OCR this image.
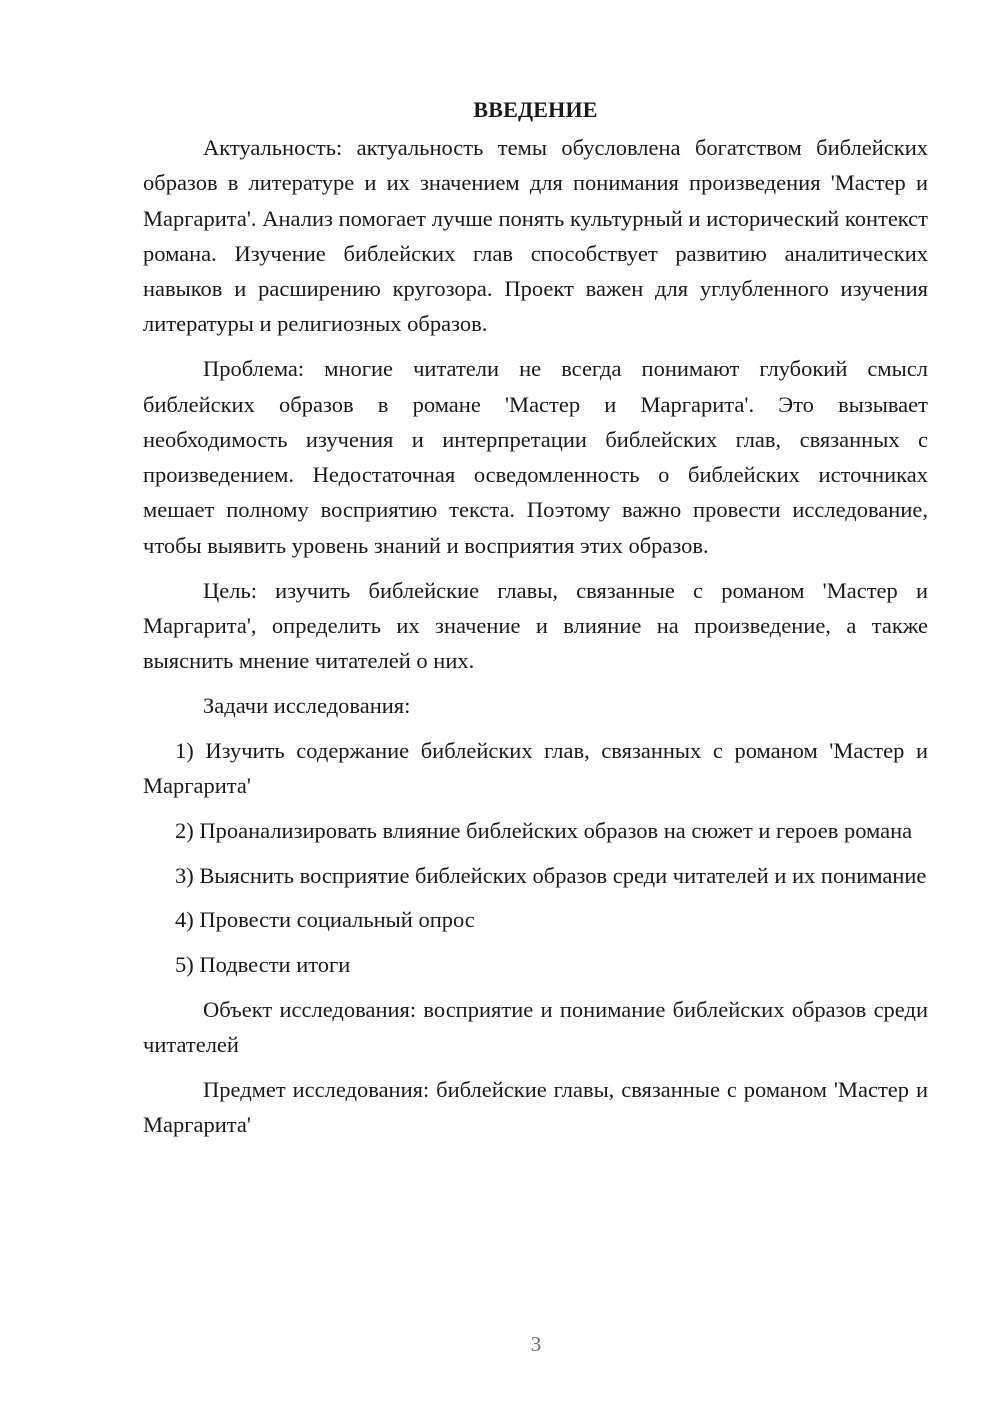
ВВЕДЕНИЕ

Актуальность: актуальность темы обусловлена богатством библейских образов в литературе и их значением для понимания произведения 'Мастер и Маргарита'. Анализ помогает лучше понять культурный и исторический контекст романа. Изучение библейских глав способствует развитию аналитических навыков и расширению кругозора. Проект важен для углубленного изучения литературы и религиозных образов.

Проблема: многие читатели не всегда понимают глубокий смысл библейских образов в романе 'Мастер и Маргарита'. Это вызывает необходимость изучения и интерпретации библейских глав, связанных с произведением. Недостаточная осведомленность о библейских источниках мешает полному восприятию текста. Поэтому важно провести исследование, чтобы выявить уровень знаний и восприятия этих образов.

Цель: изучить библейские главы, связанные с романом 'Мастер и Маргарита', определить их значение и влияние на произведение, а также выяснить мнение читателей о них.

Задачи исследования:

1) Изучить содержание библейских глав, связанных с романом 'Мастер и Маргарита'

2) Проанализировать влияние библейских образов на сюжет и героев романа

3) Выяснить восприятие библейских образов среди читателей и их понимание

4) Провести социальный опрос

5) Подвести итоги

Объект исследования: восприятие и понимание библейских образов среди читателей

Предмет исследования: библейские главы, связанные с романом 'Мастер и Маргарита'

3
